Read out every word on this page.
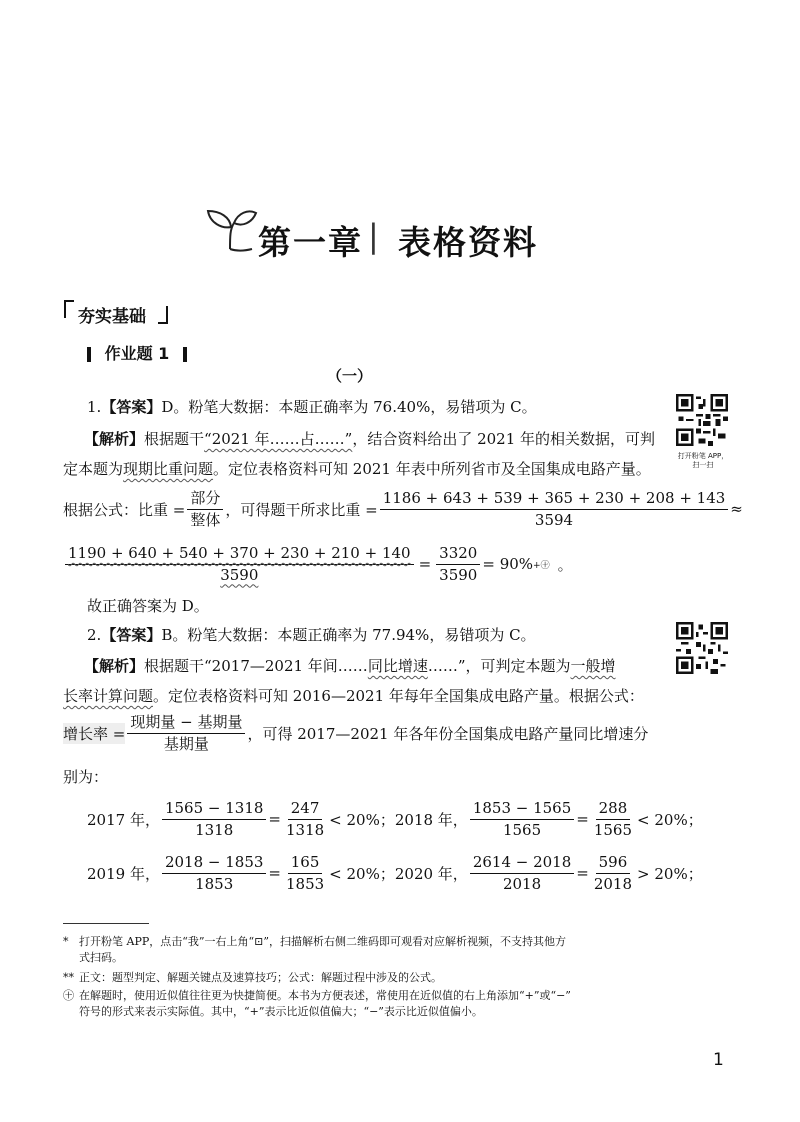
第一章 | 表格资料
夯实基础
作业题 1
（一）
1.【答案】D。粉笔大数据：本题正确率为 76.40%，易错项为 C。
【解析】根据题干“2021 年……占……”，结合资料给出了 2021 年的相关数据，可判
定本题为现期比重问题。定位表格资料可知 2021 年表中所列省市及全国集成电路产量。
根据公式：比重 = $\frac{\text{部分}}{\text{整体}}$ ，可得题干所求比重 = $\frac{1186 + 643 + 539 + 365 + 230 + 208 + 143}{3594}$ ≈
$\frac{1190 + 640 + 540 + 370 + 230 + 210 + 140}{3590} = \frac{3320}{3590} = 90\%$ +㊉ 。
故正确答案为 D。
2.【答案】B。粉笔大数据：本题正确率为 77.94%，易错项为 C。
【解析】根据题干“2017—2021 年间……同比增速……”，可判定本题为一般增
长率计算问题。定位表格资料可知 2016—2021 年每年全国集成电路产量。根据公式：
增长率 = $\frac{\text{现期量 − 基期量}}{\text{基期量}}$ ，可得 2017—2021 年各年份全国集成电路产量同比增速分
别为：
2017 年， $\frac{1565 - 1318}{1318} = \frac{247}{1318} < 20\%$； 2018 年， $\frac{1853 - 1565}{1565} = \frac{288}{1565} < 20\%$；
2019 年， $\frac{2018 - 1853}{1853} = \frac{165}{1853} < 20\%$； 2020 年， $\frac{2614 - 2018}{2018} = \frac{596}{2018} > 20\%$；
打开粉笔 APP，
扫一扫
* 打开粉笔 APP，点击“我”一右上角“⊡”，扫描解析右侧二维码即可观看对应解析视频，不支持其他方
式扫码。
** 正文：题型判定、解题关键点及速算技巧；公式：解题过程中涉及的公式。
㊉ 在解题时，使用近似值往往更为快捷简便。本书为方便表述，常使用在近似值的右上角添加“+”或“−”
符号的形式来表示实际值。其中，“+”表示比近似值偏大；“−”表示比近似值偏小。
1
